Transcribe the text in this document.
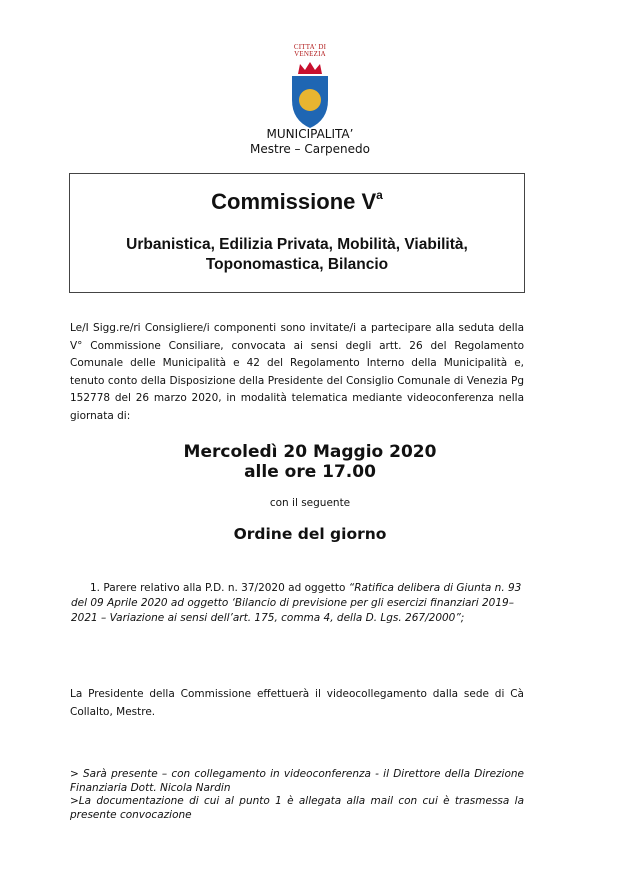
CITTA' DI
VENEZIA
MUNICIPALITA’
Mestre – Carpenedo
Commissione $V^a$
Urbanistica, Edilizia Privata, Mobilità, Viabilità,
Toponomastica, Bilancio
Le/I Sigg.re/ri Consigliere/i componenti sono invitate/i a partecipare alla seduta della V° Commissione Consiliare, convocata ai sensi degli artt. 26 del Regolamento Comunale delle Municipalità e 42 del Regolamento Interno della Municipalità e, tenuto conto della Disposizione della Presidente del Consiglio Comunale di Venezia Pg 152778 del 26 marzo 2020, in modalità telematica mediante videoconferenza nella giornata di:
Mercoledì 20 Maggio 2020
alle ore 17.00
con il seguente
Ordine del giorno
1. Parere relativo alla P.D. n. 37/2020 ad oggetto “Ratifica delibera di Giunta n. 93 del 09 Aprile 2020 ad oggetto ‘Bilancio di previsione per gli esercizi finanziari 2019–2021 – Variazione ai sensi dell’art. 175, comma 4, della D. Lgs. 267/2000”;
La Presidente della Commissione effettuerà il videocollegamento dalla sede di Cà Collalto, Mestre.
> Sarà presente – con collegamento in videoconferenza - il Direttore della Direzione Finanziaria Dott. Nicola Nardin
>La documentazione di cui al punto 1 è allegata alla mail con cui è trasmessa la presente convocazione
